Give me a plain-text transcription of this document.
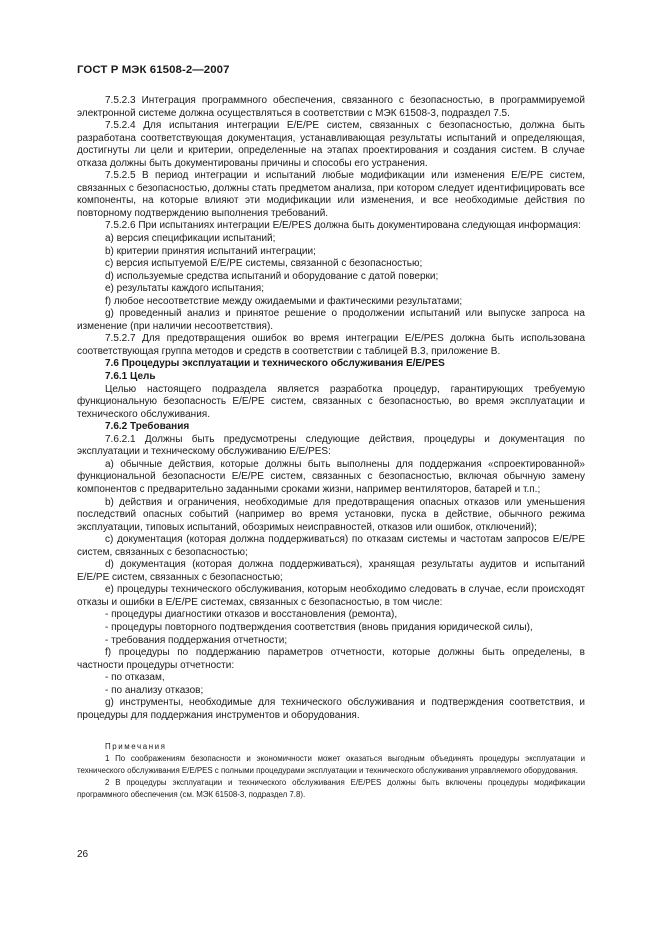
ГОСТ Р МЭК 61508-2—2007

7.5.2.3 Интеграция программного обеспечения, связанного с безопасностью, в программируемой электронной системе должна осуществляться в соответствии с МЭК 61508-3, подраздел 7.5.

7.5.2.4 Для испытания интеграции E/E/PE систем, связанных с безопасностью, должна быть разработана соответствующая документация, устанавливающая результаты испытаний и определяющая, достигнуты ли цели и критерии, определенные на этапах проектирования и создания систем. В случае отказа должны быть документированы причины и способы его устранения.

7.5.2.5 В период интеграции и испытаний любые модификации или изменения E/E/PE систем, связанных с безопасностью, должны стать предметом анализа, при котором следует идентифицировать все компоненты, на которые влияют эти модификации или изменения, и все необходимые действия по повторному подтверждению выполнения требований.

7.5.2.6 При испытаниях интеграции E/E/PES должна быть документирована следующая информация:

a) версия спецификации испытаний;

b) критерии принятия испытаний интеграции;

c) версия испытуемой E/E/PE системы, связанной с безопасностью;

d) используемые средства испытаний и оборудование с датой поверки;

e) результаты каждого испытания;

f) любое несоответствие между ожидаемыми и фактическими результатами;

g) проведенный анализ и принятое решение о продолжении испытаний или выпуске запроса на изменение (при наличии несоответствия).

7.5.2.7 Для предотвращения ошибок во время интеграции E/E/PES должна быть использована соответствующая группа методов и средств в соответствии с таблицей В.3, приложение В.

7.6 Процедуры эксплуатации и технического обслуживания E/E/PES

7.6.1 Цель

Целью настоящего подраздела является разработка процедур, гарантирующих требуемую функциональную безопасность E/E/PE систем, связанных с безопасностью, во время эксплуатации и технического обслуживания.

7.6.2 Требования

7.6.2.1 Должны быть предусмотрены следующие действия, процедуры и документация по эксплуатации и техническому обслуживанию E/E/PES:

a) обычные действия, которые должны быть выполнены для поддержания «спроектированной» функциональной безопасности E/E/PE систем, связанных с безопасностью, включая обычную замену компонентов с предварительно заданными сроками жизни, например вентиляторов, батарей и т.п.;

b) действия и ограничения, необходимые для предотвращения опасных отказов или уменьшения последствий опасных событий (например во время установки, пуска в действие, обычного режима эксплуатации, типовых испытаний, обозримых неисправностей, отказов или ошибок, отключений);

c) документация (которая должна поддерживаться) по отказам системы и частотам запросов E/E/PE систем, связанных с безопасностью;

d) документация (которая должна поддерживаться), хранящая результаты аудитов и испытаний E/E/PE систем, связанных с безопасностью;

e) процедуры технического обслуживания, которым необходимо следовать в случае, если происходят отказы и ошибки в E/E/PE системах, связанных с безопасностью, в том числе:

- процедуры диагностики отказов и восстановления (ремонта),

- процедуры повторного подтверждения соответствия (вновь придания юридической силы),

- требования поддержания отчетности;

f) процедуры по поддержанию параметров отчетности, которые должны быть определены, в частности процедуры отчетности:

- по отказам,

- по анализу отказов;

g) инструменты, необходимые для технического обслуживания и подтверждения соответствия, и процедуры для поддержания инструментов и оборудования.

Примечания

1 По соображениям безопасности и экономичности может оказаться выгодным объединять процедуры эксплуатации и технического обслуживания E/E/PES с полными процедурами эксплуатации и технического обслуживания управляемого оборудования.

2 В процедуры эксплуатации и технического обслуживания E/E/PES должны быть включены процедуры модификации программного обеспечения (см. МЭК 61508-3, подраздел 7.8).

26
